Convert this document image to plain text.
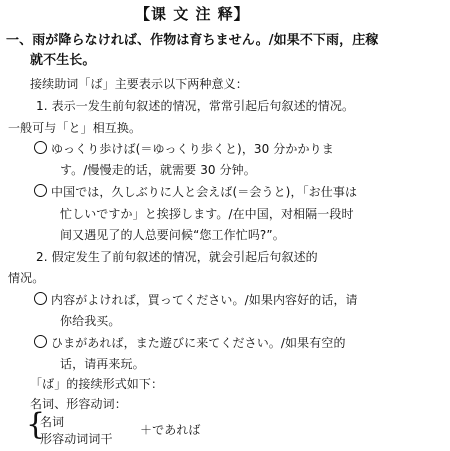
【课 文 注 释】
一、雨が降らなければ、作物は育ちません。/如果不下雨，庄稼
就不生长。
接续助词「ば」主要表示以下两种意义：
1. 表示一发生前句叙述的情况，常常引起后句叙述的情况。
一般可与「と」相互换。
ゆっくり歩けば(＝ゆっくり歩くと)，30 分かかりま
す。/慢慢走的话，就需要 30 分钟。
中国では，久しぶりに人と会えば(＝会うと)，「お仕事は
忙しいですか」と挨拶します。/在中国，对相隔一段时
间又遇见了的人总要问候“您工作忙吗?”。
2. 假定发生了前句叙述的情况，就会引起后句叙述的
情况。
内容がよければ，買ってください。/如果内容好的话，请
你给我买。
ひまがあれば，また遊びに来てください。/如果有空的
话，请再来玩。
「ば」的接续形式如下：
名词、形容动词：
{
名词
形容动词词干
＋であれば
